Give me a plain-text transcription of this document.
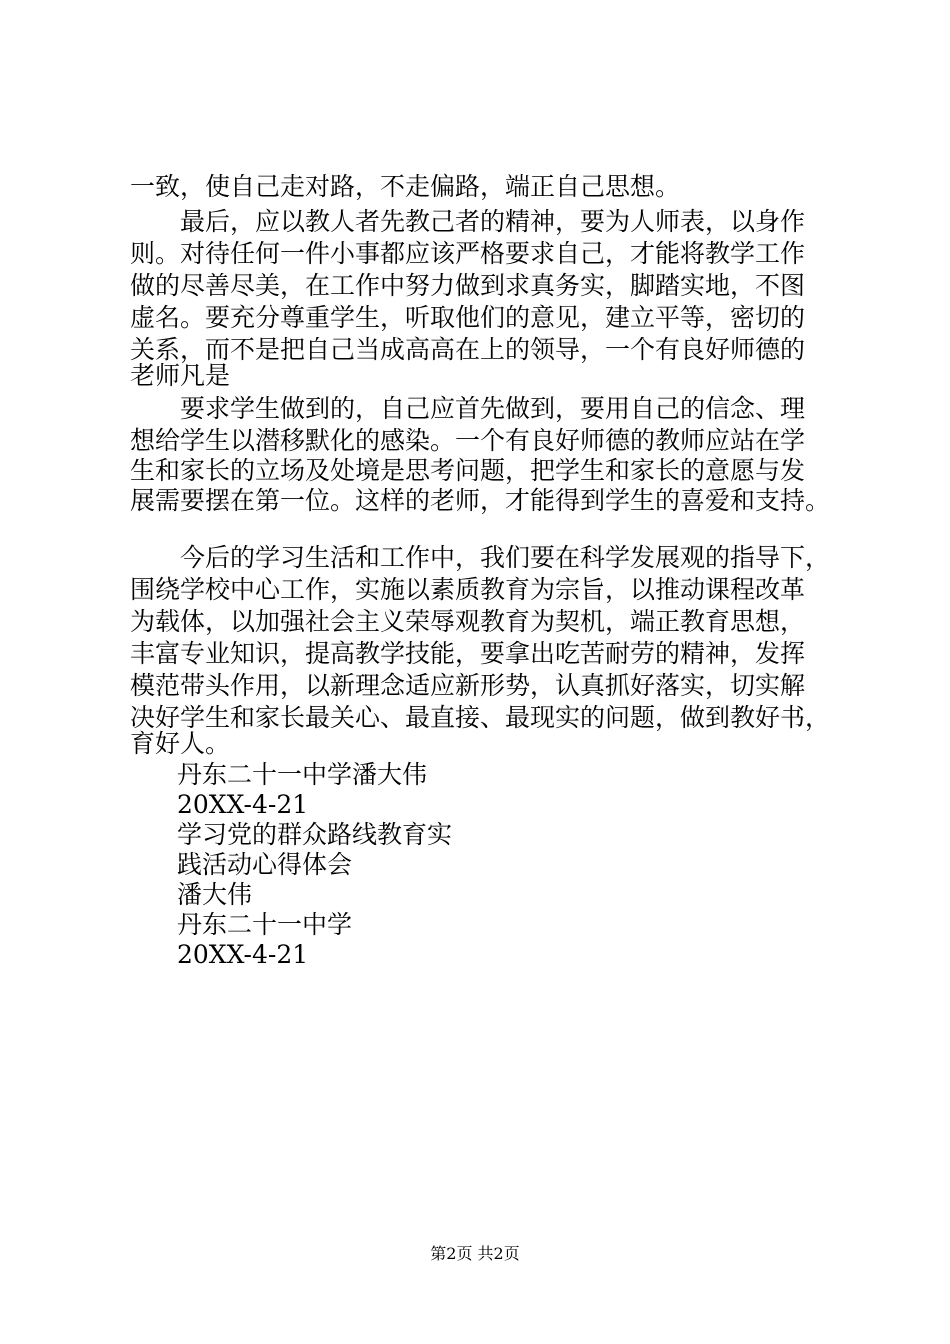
一致，使自己走对路，不走偏路，端正自己思想。
最后，应以教人者先教己者的精神，要为人师表，以身作
则。对待任何一件小事都应该严格要求自己，才能将教学工作
做的尽善尽美，在工作中努力做到求真务实，脚踏实地，不图
虚名。要充分尊重学生，听取他们的意见，建立平等，密切的
关系，而不是把自己当成高高在上的领导，一个有良好师德的
老师凡是
要求学生做到的，自己应首先做到，要用自己的信念、理
想给学生以潜移默化的感染。一个有良好师德的教师应站在学
生和家长的立场及处境是思考问题，把学生和家长的意愿与发
展需要摆在第一位。这样的老师，才能得到学生的喜爱和支持。
今后的学习生活和工作中，我们要在科学发展观的指导下，
围绕学校中心工作，实施以素质教育为宗旨，以推动课程改革
为载体，以加强社会主义荣辱观教育为契机，端正教育思想，
丰富专业知识，提高教学技能，要拿出吃苦耐劳的精神，发挥
模范带头作用，以新理念适应新形势，认真抓好落实，切实解
决好学生和家长最关心、最直接、最现实的问题，做到教好书，
育好人。
丹东二十一中学潘大伟
20XX-4-21
学习党的群众路线教育实
践活动心得体会
潘大伟
丹东二十一中学
20XX-4-21
第2页 共2页
